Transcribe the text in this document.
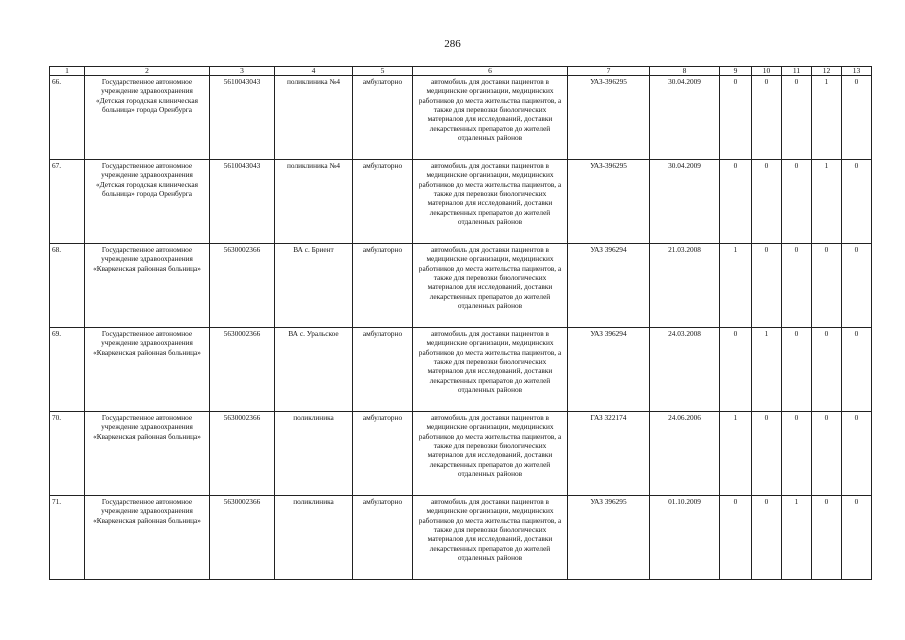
286
1	2	3	4	5	6	7	8	9	10	11	12	13
66.	Государственное автономное учреждение здравоохранения «Детская городская клиническая больница» города Оренбурга	5610043043	поликлиника №4	амбулаторно	автомобиль для доставки пациентов в медицинские организации, медицинских работников до места жительства пациентов, а также для перевозки биологических материалов для исследований, доставки лекарственных препаратов до жителей отдаленных районов	УАЗ-396295	30.04.2009	0	0	0	1	0
67.	Государственное автономное учреждение здравоохранения «Детская городская клиническая больница» города Оренбурга	5610043043	поликлиника №4	амбулаторно	автомобиль для доставки пациентов в медицинские организации, медицинских работников до места жительства пациентов, а также для перевозки биологических материалов для исследований, доставки лекарственных препаратов до жителей отдаленных районов	УАЗ-396295	30.04.2009	0	0	0	1	0
68.	Государственное автономное учреждение здравоохранения «Кваркенская районная больница»	5630002366	ВА с. Бриент	амбулаторно	автомобиль для доставки пациентов в медицинские организации, медицинских работников до места жительства пациентов, а также для перевозки биологических материалов для исследований, доставки лекарственных препаратов до жителей отдаленных районов	УАЗ 396294	21.03.2008	1	0	0	0	0
69.	Государственное автономное учреждение здравоохранения «Кваркенская районная больница»	5630002366	ВА с. Уральское	амбулаторно	автомобиль для доставки пациентов в медицинские организации, медицинских работников до места жительства пациентов, а также для перевозки биологических материалов для исследований, доставки лекарственных препаратов до жителей отдаленных районов	УАЗ 396294	24.03.2008	0	1	0	0	0
70.	Государственное автономное учреждение здравоохранения «Кваркенская районная больница»	5630002366	поликлиника	амбулаторно	автомобиль для доставки пациентов в медицинские организации, медицинских работников до места жительства пациентов, а также для перевозки биологических материалов для исследований, доставки лекарственных препаратов до жителей отдаленных районов	ГАЗ 322174	24.06.2006	1	0	0	0	0
71.	Государственное автономное учреждение здравоохранения «Кваркенская районная больница»	5630002366	поликлиника	амбулаторно	автомобиль для доставки пациентов в медицинские организации, медицинских работников до места жительства пациентов, а также для перевозки биологических материалов для исследований, доставки лекарственных препаратов до жителей отдаленных районов	УАЗ 396295	01.10.2009	0	0	1	0	0
